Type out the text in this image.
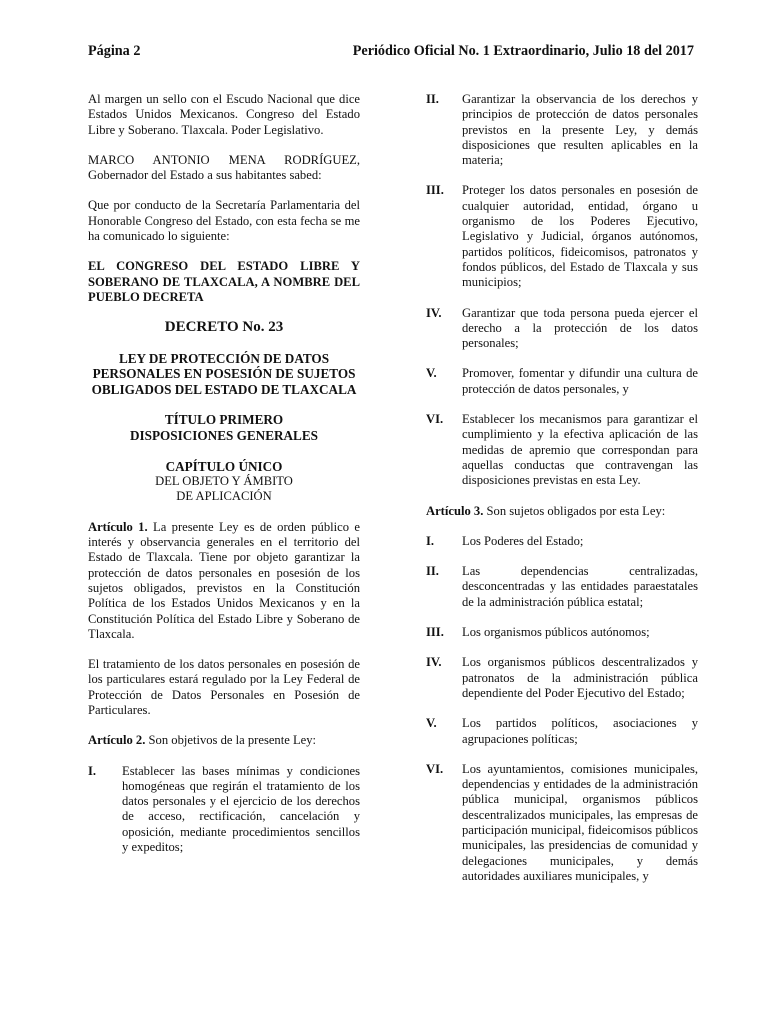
Página 2	Periódico Oficial No. 1 Extraordinario, Julio 18 del 2017

Al margen un sello con el Escudo Nacional que dice Estados Unidos Mexicanos. Congreso del Estado Libre y Soberano. Tlaxcala. Poder Legislativo.

MARCO ANTONIO MENA RODRÍGUEZ, Gobernador del Estado a sus habitantes sabed:

Que por conducto de la Secretaría Parlamentaria del Honorable Congreso del Estado, con esta fecha se me ha comunicado lo siguiente:

EL CONGRESO DEL ESTADO LIBRE Y SOBERANO DE TLAXCALA, A NOMBRE DEL PUEBLO DECRETA

DECRETO No. 23
LEY DE PROTECCIÓN DE DATOS PERSONALES EN POSESIÓN DE SUJETOS OBLIGADOS DEL ESTADO DE TLAXCALA
TÍTULO PRIMERO
DISPOSICIONES GENERALES
CAPÍTULO ÚNICO
DEL OBJETO Y ÁMBITO
DE APLICACIÓN

Artículo 1. La presente Ley es de orden público e interés y observancia generales en el territorio del Estado de Tlaxcala. Tiene por objeto garantizar la protección de datos personales en posesión de los sujetos obligados, previstos en la Constitución Política de los Estados Unidos Mexicanos y en la Constitución Política del Estado Libre y Soberano de Tlaxcala.

El tratamiento de los datos personales en posesión de los particulares estará regulado por la Ley Federal de Protección de Datos Personales en Posesión de Particulares.

Artículo 2. Son objetivos de la presente Ley:

I.	Establecer las bases mínimas y condiciones homogéneas que regirán el tratamiento de los datos personales y el ejercicio de los derechos de acceso, rectificación, cancelación y oposición, mediante procedimientos sencillos y expeditos;
II.	Garantizar la observancia de los derechos y principios de protección de datos personales previstos en la presente Ley, y demás disposiciones que resulten aplicables en la materia;
III.	Proteger los datos personales en posesión de cualquier autoridad, entidad, órgano u organismo de los Poderes Ejecutivo, Legislativo y Judicial, órganos autónomos, partidos políticos, fideicomisos, patronatos y fondos públicos, del Estado de Tlaxcala y sus municipios;
IV.	Garantizar que toda persona pueda ejercer el derecho a la protección de los datos personales;
V.	Promover, fomentar y difundir una cultura de protección de datos personales, y
VI.	Establecer los mecanismos para garantizar el cumplimiento y la efectiva aplicación de las medidas de apremio que correspondan para aquellas conductas que contravengan las disposiciones previstas en esta Ley.

Artículo 3. Son sujetos obligados por esta Ley:

I.	Los Poderes del Estado;
II.	Las dependencias centralizadas, desconcentradas y las entidades paraestatales de la administración pública estatal;
III.	Los organismos públicos autónomos;
IV.	Los organismos públicos descentralizados y patronatos de la administración pública dependiente del Poder Ejecutivo del Estado;
V.	Los partidos políticos, asociaciones y agrupaciones políticas;
VI.	Los ayuntamientos, comisiones municipales, dependencias y entidades de la administración pública municipal, organismos públicos descentralizados municipales, las empresas de participación municipal, fideicomisos públicos municipales, las presidencias de comunidad y delegaciones municipales, y demás autoridades auxiliares municipales, y
